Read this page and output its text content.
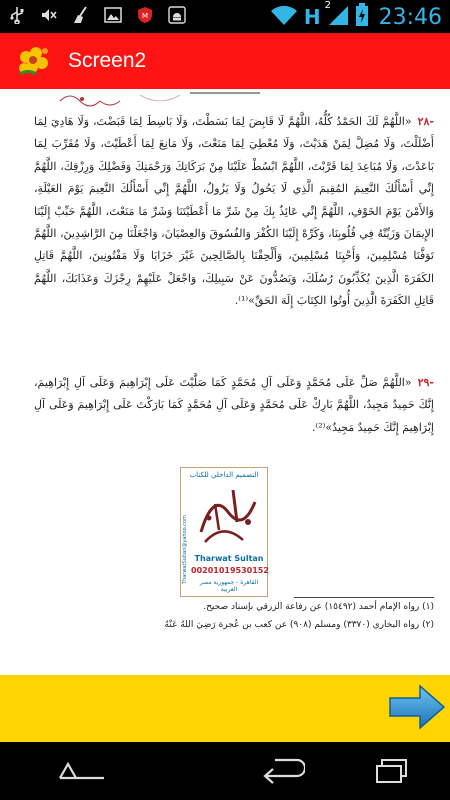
M	H 2 23:46
Screen2

-٢٨«اللَّهُمَّ لَكَ الحَمْدُ كُلُّهُ، اللَّهُمَّ لَا قَابِضَ لِمَا بَسَطْتَ، وَلَا بَاسِطَ لِمَا قَبَضْتَ، وَلَا هَادِيَ لِمَا أَضْلَلْتَ، وَلَا مُضِلَّ لِمَنْ هَدَيْتَ، وَلَا مُعْطِيَ لِمَا مَنَعْتَ، وَلَا مَانِعَ لِمَا أَعْطَيْتَ، وَلَا مُقَرِّبَ لِمَا بَاعَدْتَ، وَلَا مُبَاعِدَ لِمَا قَرَّبْتَ، اللَّهُمَّ ابْسُطْ عَلَيْنَا مِنْ بَرَكَاتِكَ وَرَحْمَتِكَ وَفَضْلِكَ وَرِزْقِكَ، اللَّهُمَّ إِنِّي أَسْأَلُكَ النَّعِيمَ المُقِيمَ الَّذِي لَا يَحُولُ وَلَا يَزُولُ، اللَّهُمَّ إِنِّي أَسْأَلُكَ النَّعِيمَ يَوْمَ العَيْلَةِ، وَالأَمْنَ يَوْمَ الخَوْفِ، اللَّهُمَّ إِنِّي عَائِذٌ بِكَ مِنْ شَرِّ مَا أَعْطَيْتَنَا وَشَرِّ مَا مَنَعْتَ، اللَّهُمَّ حَبِّبْ إِلَيْنَا الإِيمَانَ وَزَيِّنْهُ فِي قُلُوبِنَا، وَكَرِّهْ إِلَيْنَا الكُفْرَ وَالفُسُوقَ وَالعِصْيَانَ، وَاجْعَلْنَا مِنَ الرَّاشِدِينَ، اللَّهُمَّ تَوَفَّنَا مُسْلِمِينَ، وَأَحْيِنَا مُسْلِمِينَ، وَأَلْحِقْنَا بِالصَّالِحِينَ غَيْرَ خَزَايَا وَلَا مَفْتُونِينَ، اللَّهُمَّ قَاتِلِ الكَفَرَةَ الَّذِينَ يُكَذِّبُونَ رُسُلَكَ، وَيَصُدُّونَ عَنْ سَبِيلِكَ، وَاجْعَلْ عَلَيْهِمْ رِجْزَكَ وَعَذَابَكَ، اللَّهُمَّ قَاتِلِ الكَفَرَةَ الَّذِينَ أُوتُوا الكِتَابَ إِلَهَ الحَقِّ»⁽¹⁾.

-٢٩«اللَّهُمَّ صَلِّ عَلَى مُحَمَّدٍ وَعَلَى آلِ مُحَمَّدٍ كَمَا صَلَّيْتَ عَلَى إِبْرَاهِيمَ وَعَلَى آلِ إِبْرَاهِيمَ، إِنَّكَ حَمِيدٌ مَجِيدٌ، اللَّهُمَّ بَارِكْ عَلَى مُحَمَّدٍ وَعَلَى آلِ مُحَمَّدٍ كَمَا بَارَكْتَ عَلَى إِبْرَاهِيمَ وَعَلَى آلِ إِبْرَاهِيمَ إِنَّكَ حَمِيدٌ مَجِيدٌ»⁽²⁾.

التصميم الداخلي للكتاب
TharwatSultan@yahoo.com Tharwat Sultan
00201019530152
القاهرة - جمهورية مصر العربية

(١) رواه الإمام أحمد (١٥٤٩٢) عن رفاعة الزرقي بإسناد صحيح.

(٢) رواه البخاري (٣٣٧٠) ومسلم (٩٠٨) عن كعب بن عُجرة رَضِيَ اللهُ عَنْهُ
